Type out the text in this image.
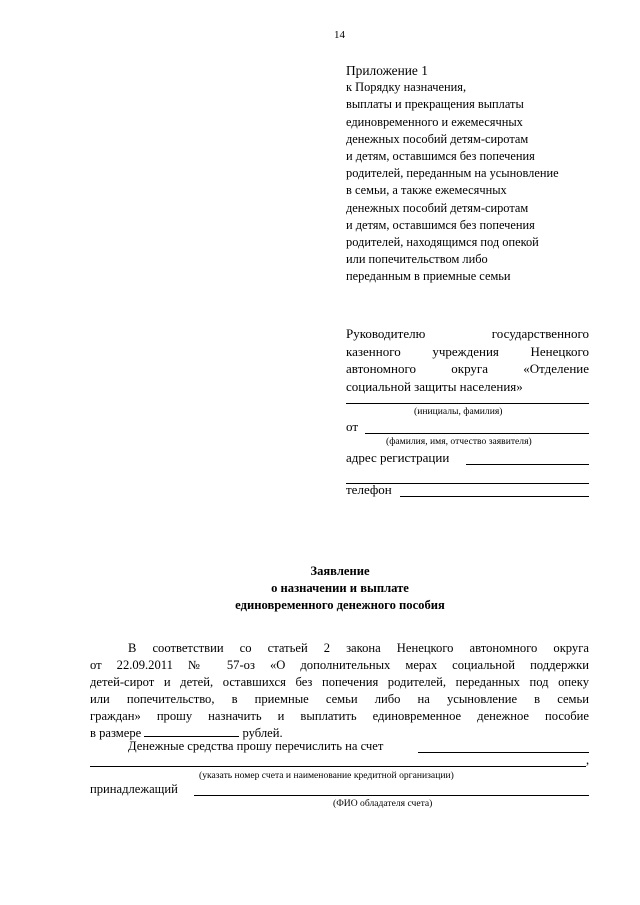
14
Приложение 1
к Порядку назначения,
выплаты и прекращения выплаты
единовременного и ежемесячных
денежных пособий детям-сиротам
и детям, оставшимся без попечения
родителей, переданным на усыновление
в семьи, а также ежемесячных
денежных пособий детям-сиротам
и детям, оставшимся без попечения
родителей, находящимся под опекой
или попечительством либо
переданным в приемные семьи
Руководителю государственного
казенного учреждения Ненецкого
автономного округа «Отделение
социальной защиты населения»
(инициалы, фамилия)
от
(фамилия, имя, отчество заявителя)
адрес регистрации
телефон
Заявление
о назначении и выплате
единовременного денежного пособия
В соответствии со статьей 2 закона Ненецкого автономного округа
от 22.09.2011 № 57-оз «О дополнительных мерах социальной поддержки
детей-сирот и детей, оставшихся без попечения родителей, переданных под опеку
или попечительство, в приемные семьи либо на усыновление в семьи
граждан» прошу назначить и выплатить единовременное денежное пособие
в размере	рублей.
Денежные средства прошу перечислить на счет
,
(указать номер счета и наименование кредитной организации)
принадлежащий
(ФИО обладателя счета)
